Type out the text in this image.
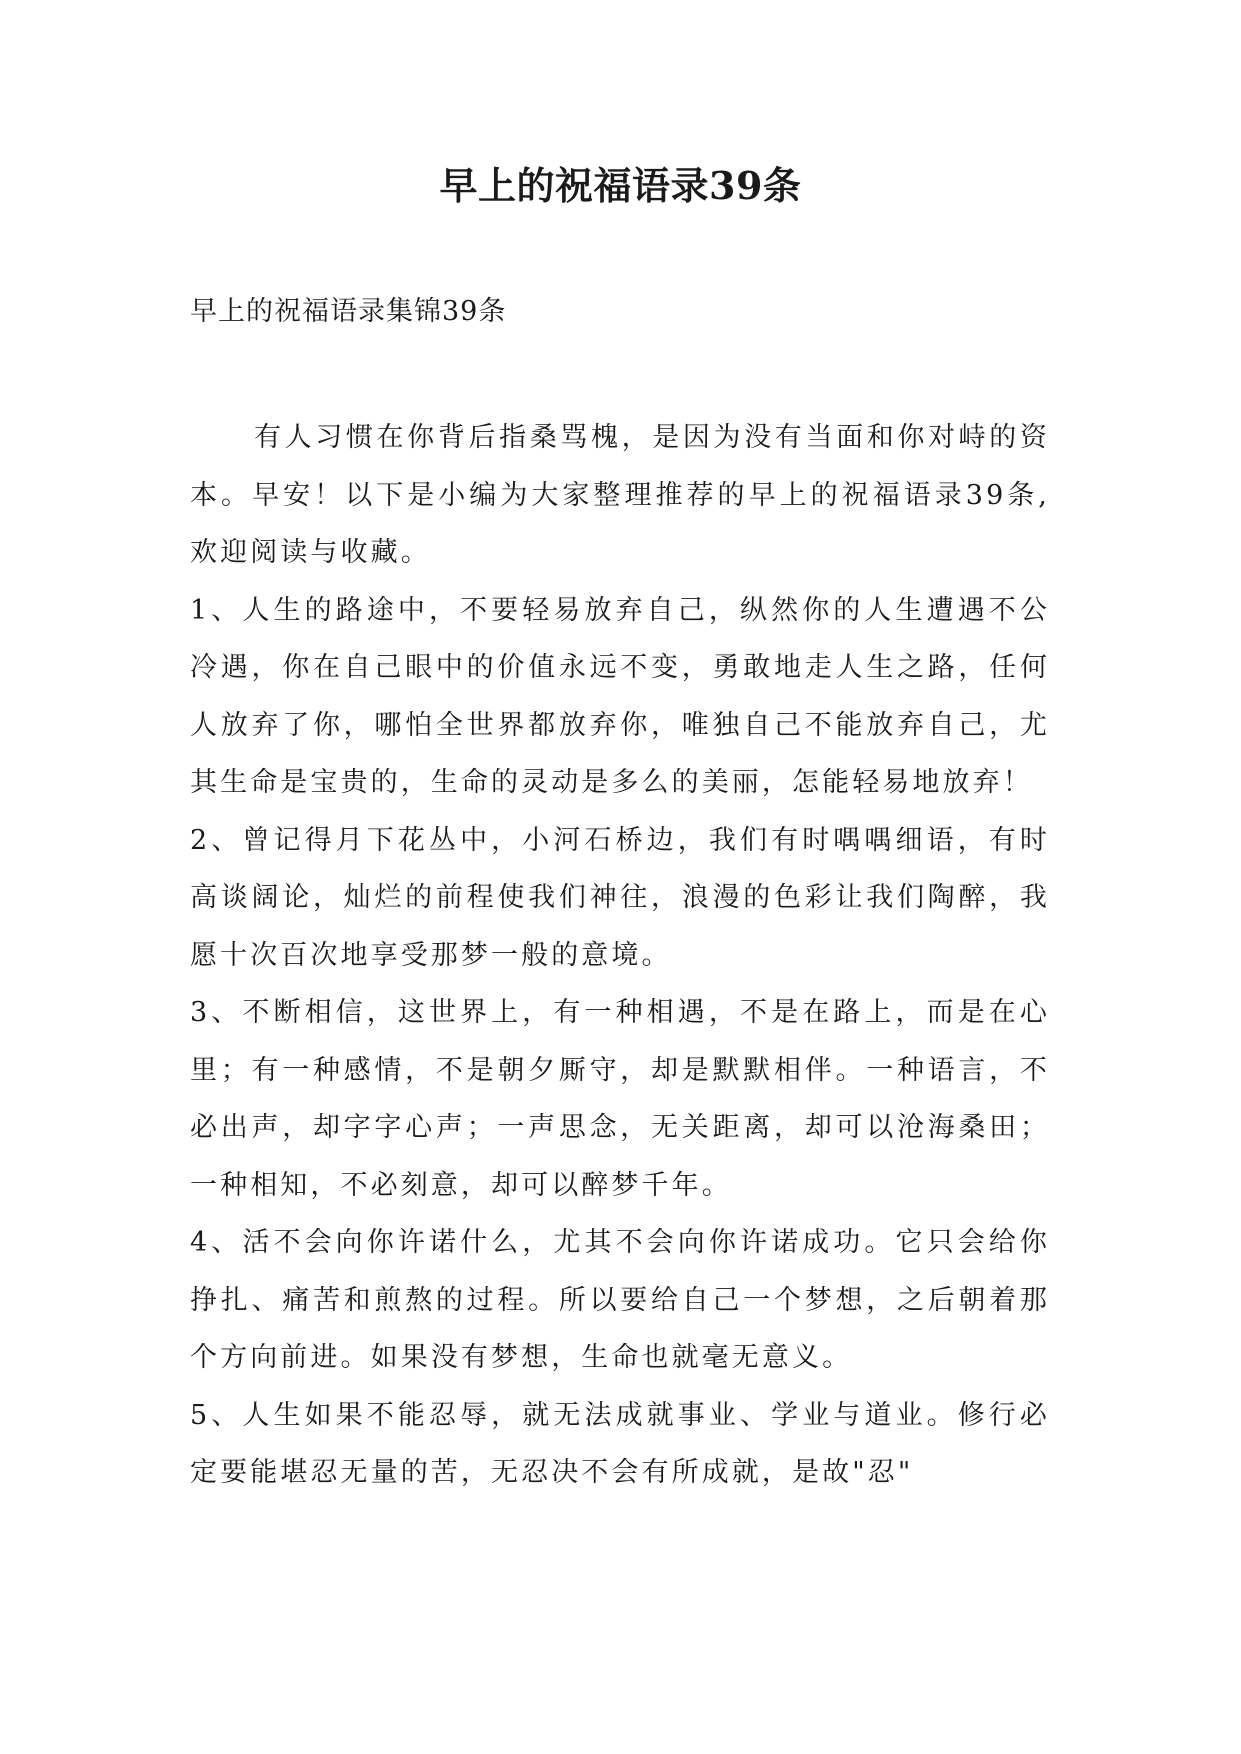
早上的祝福语录39条

早上的祝福语录集锦39条

有人习惯在你背后指桑骂槐，是因为没有当面和你对峙的资本。早安！以下是小编为大家整理推荐的早上的祝福语录39条,欢迎阅读与收藏。

1、人生的路途中，不要轻易放弃自己，纵然你的人生遭遇不公冷遇，你在自己眼中的价值永远不变，勇敢地走人生之路，任何人放弃了你，哪怕全世界都放弃你，唯独自己不能放弃自己，尤其生命是宝贵的，生命的灵动是多么的美丽，怎能轻易地放弃！

2、曾记得月下花丛中，小河石桥边，我们有时喁喁细语，有时高谈阔论，灿烂的前程使我们神往，浪漫的色彩让我们陶醉，我愿十次百次地享受那梦一般的意境。

3、不断相信，这世界上，有一种相遇，不是在路上，而是在心里；有一种感情，不是朝夕厮守，却是默默相伴。一种语言，不必出声，却字字心声；一声思念，无关距离，却可以沧海桑田；一种相知，不必刻意，却可以醉梦千年。

4、活不会向你许诺什么，尤其不会向你许诺成功。它只会给你挣扎、痛苦和煎熬的过程。所以要给自己一个梦想，之后朝着那个方向前进。如果没有梦想，生命也就毫无意义。

5、人生如果不能忍辱，就无法成就事业、学业与道业。修行必定要能堪忍无量的苦，无忍决不会有所成就，是故"忍"
